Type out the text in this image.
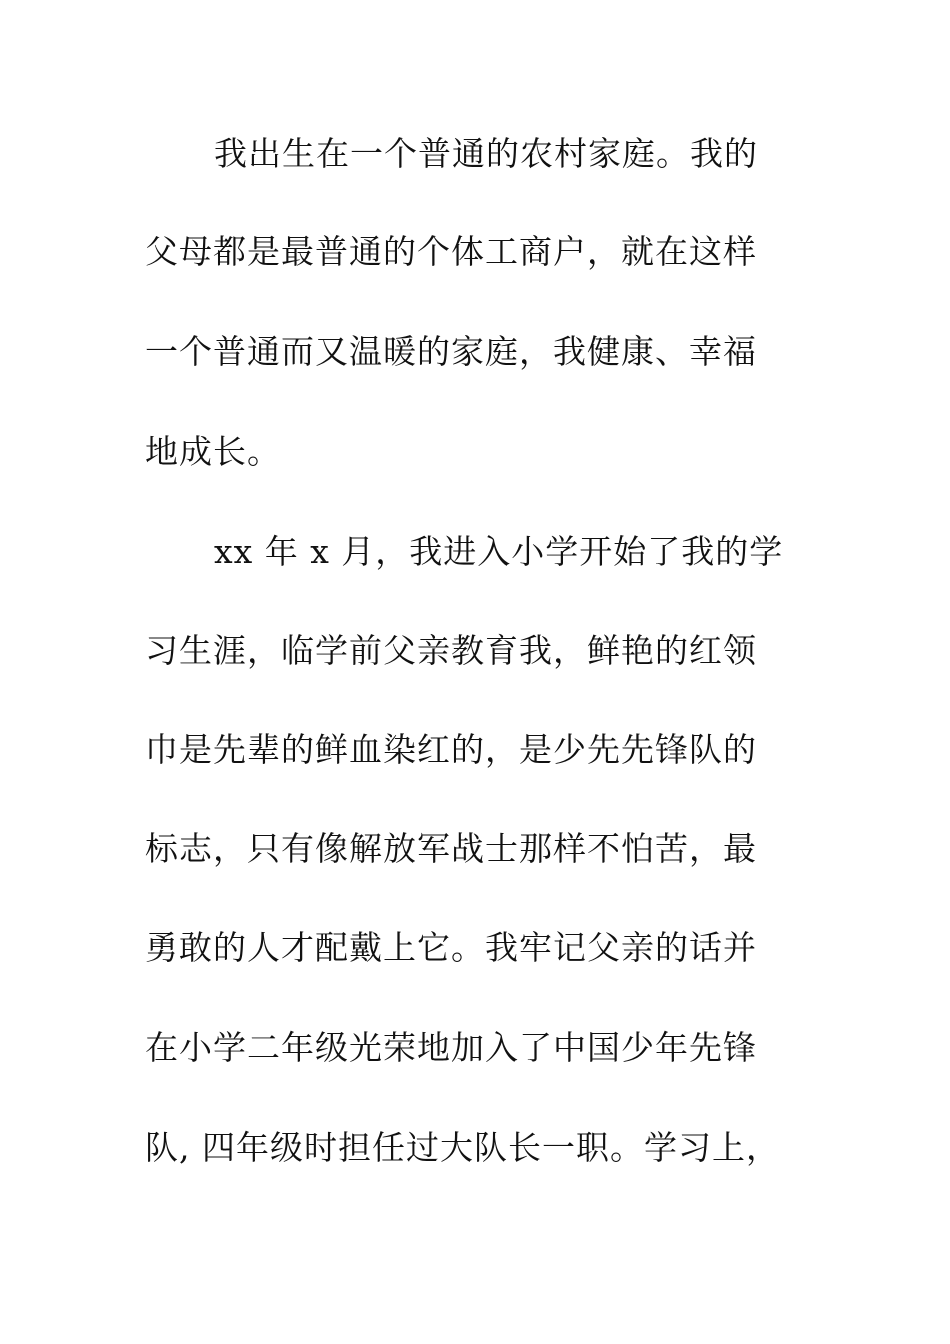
我出生在一个普通的农村家庭。我的
父母都是最普通的个体工商户，就在这样
一个普通而又温暖的家庭，我健康、幸福
地成长。
xx 年 x 月，我进入小学开始了我的学
习生涯，临学前父亲教育我，鲜艳的红领
巾是先辈的鲜血染红的，是少先先锋队的
标志，只有像解放军战士那样不怕苦，最
勇敢的人才配戴上它。我牢记父亲的话并
在小学二年级光荣地加入了中国少年先锋
队, 四年级时担任过大队长一职。学习上，
